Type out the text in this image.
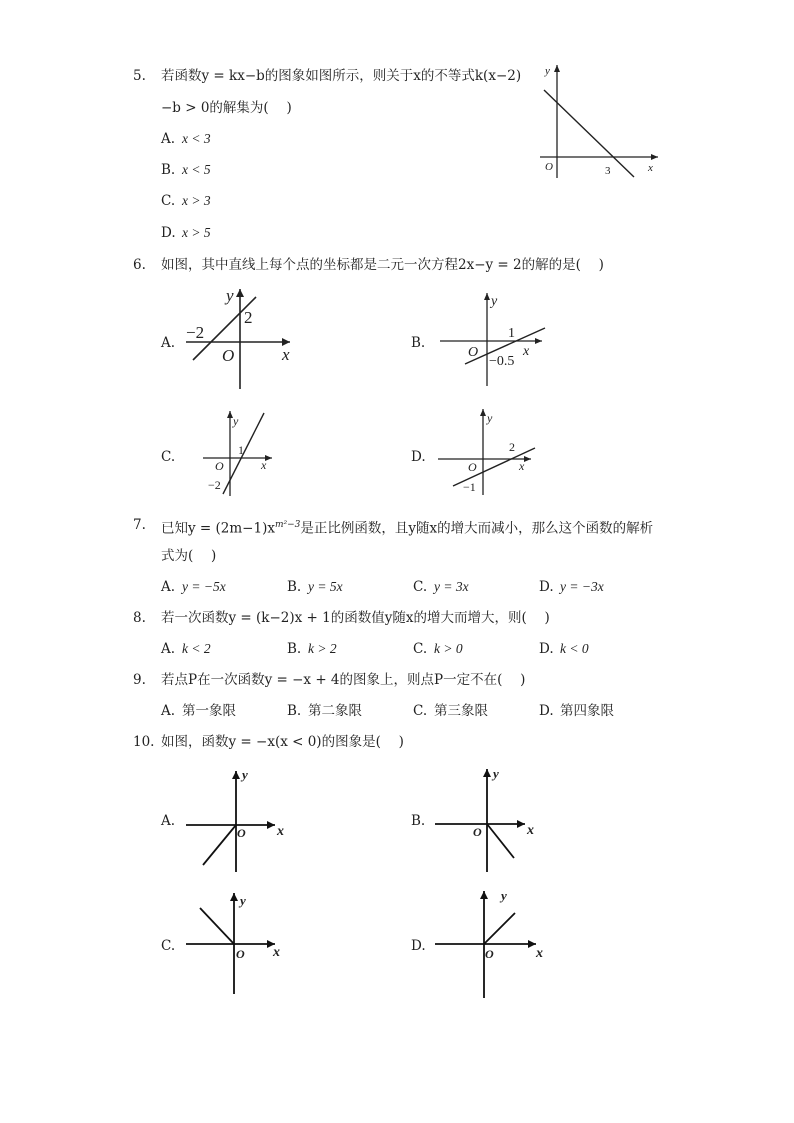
5. 若函数y = kx−b的图象如图所示，则关于x的不等式k(x−2)
−b > 0的解集为(　 )
A. x < 3
B. x < 5
C. x > 3
D. x > 5
y
x
O	3
6. 如图，其中直线上每个点的坐标都是二元一次方程2x−y = 2的解的是(　 )
A.
y
x
O
−2
2
B.
y
x
O
1
−0.5
C.
y
x
O
1
−2
D.
y
x
O
2
−1
7. 已知$y = (2m-1)x^{m^2-3}$是正比例函数，且y随x的增大而减小，那么这个函数的解析
式为(　 )
A. y = −5x	B. y = 5x	C. y = 3x	D. y = −3x
8. 若一次函数y = (k−2)x + 1的函数值y随x的增大而增大，则(　 )
A. k < 2	B. k > 2	C. k > 0	D. k < 0
9. 若点P在一次函数y = −x + 4的图象上，则点P一定不在(　 )
A. 第一象限	B. 第二象限	C. 第三象限	D. 第四象限
10. 如图，函数y = −x(x < 0)的图象是(　 )
A.
y
x
O
B.
y
x
O
C.
y
x
O	D.
y
x
O
